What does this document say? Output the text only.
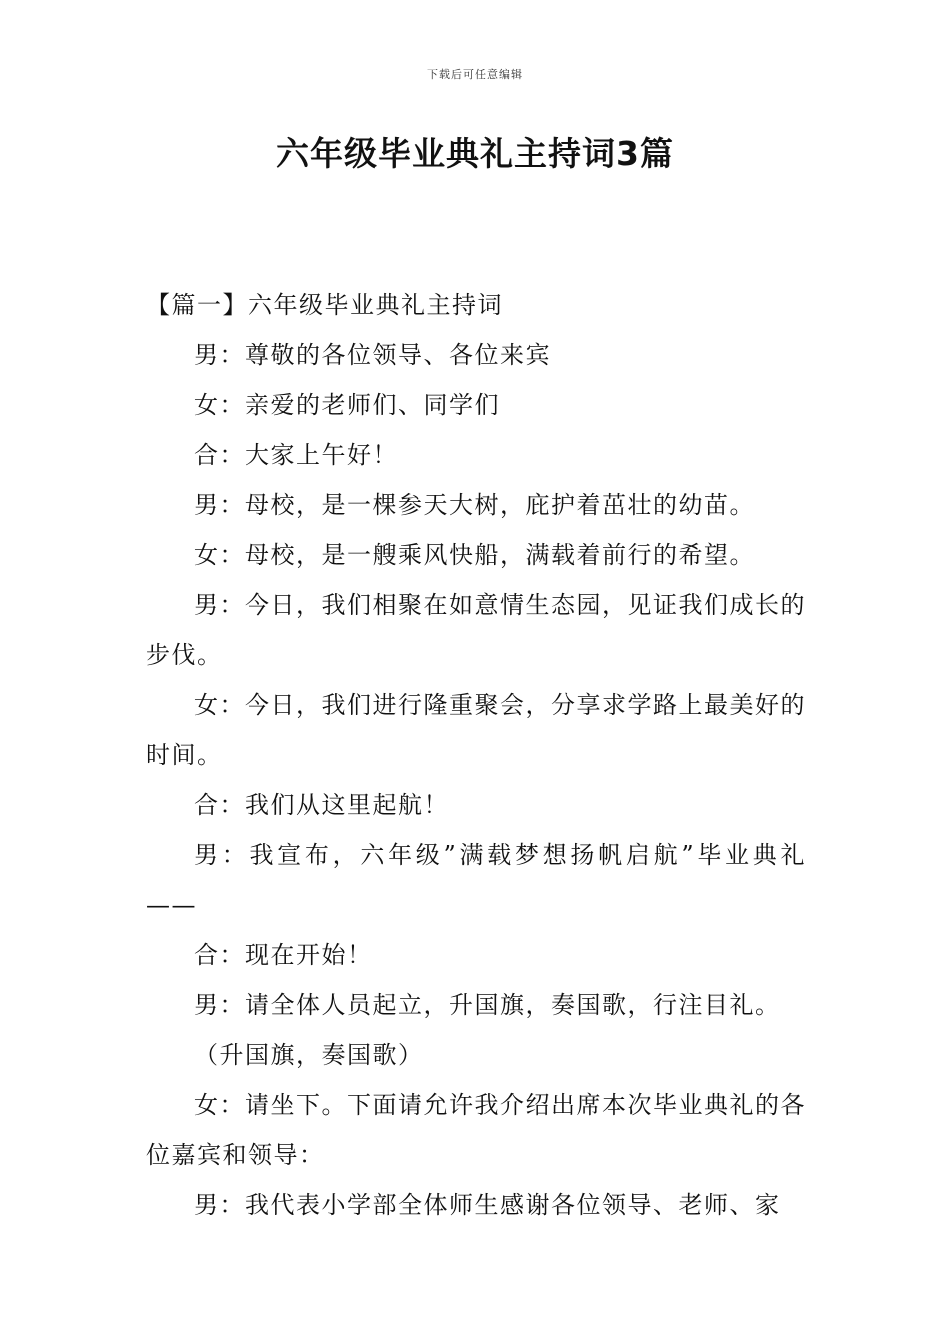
下载后可任意编辑
六年级毕业典礼主持词3篇

【篇一】六年级毕业典礼主持词

男：尊敬的各位领导、各位来宾

女：亲爱的老师们、同学们

合：大家上午好！

男：母校，是一棵参天大树，庇护着茁壮的幼苗。

女：母校，是一艘乘风快船，满载着前行的希望。

男：今日，我们相聚在如意情生态园，见证我们成长的步伐。

女：今日，我们进行隆重聚会，分享求学路上最美好的时间。

合：我们从这里起航！

男：我宣布，六年级”满载梦想扬帆启航”毕业典礼——

合：现在开始！

男：请全体人员起立，升国旗，奏国歌，行注目礼。

（升国旗，奏国歌）

女：请坐下。下面请允许我介绍出席本次毕业典礼的各位嘉宾和领导：

男：我代表小学部全体师生感谢各位领导、老师、家
